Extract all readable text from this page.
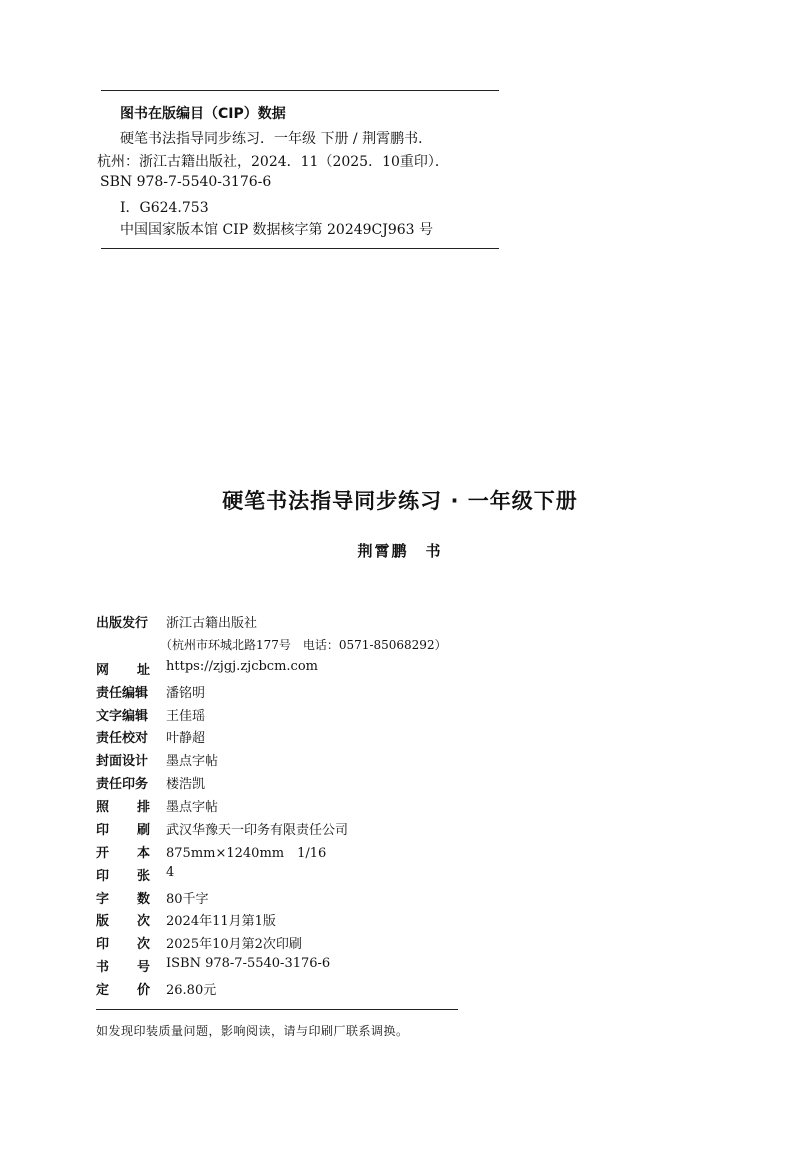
图书在版编目（CIP）数据
硬笔书法指导同步练习．一年级 下册 / 荆霄鹏书．
杭州：浙江古籍出版社，2024．11（2025．10重印）．
SBN 978-7-5540-3176-6
Ⅰ．G624.753
中国国家版本馆 CIP 数据核字第 20249CJ963 号
硬笔书法指导同步练习 · 一年级下册
荆霄鹏　书
出版发行 浙江古籍出版社
（杭州市环城北路177号　电话：0571-85068292）
网 址 https://zjgj.zjcbcm.com
责任编辑 潘铭明
文字编辑 王佳瑶
责任校对 叶静超
封面设计 墨点字帖
责任印务 楼浩凯
照 排 墨点字帖
印 刷 武汉华豫天一印务有限责任公司
开 本 875mm×1240mm　1/16
印 张 4
字 数 80千字
版 次 2024年11月第1版
印 次 2025年10月第2次印刷
书 号 ISBN 978-7-5540-3176-6
定 价 26.80元
如发现印装质量问题，影响阅读，请与印刷厂联系调换。
